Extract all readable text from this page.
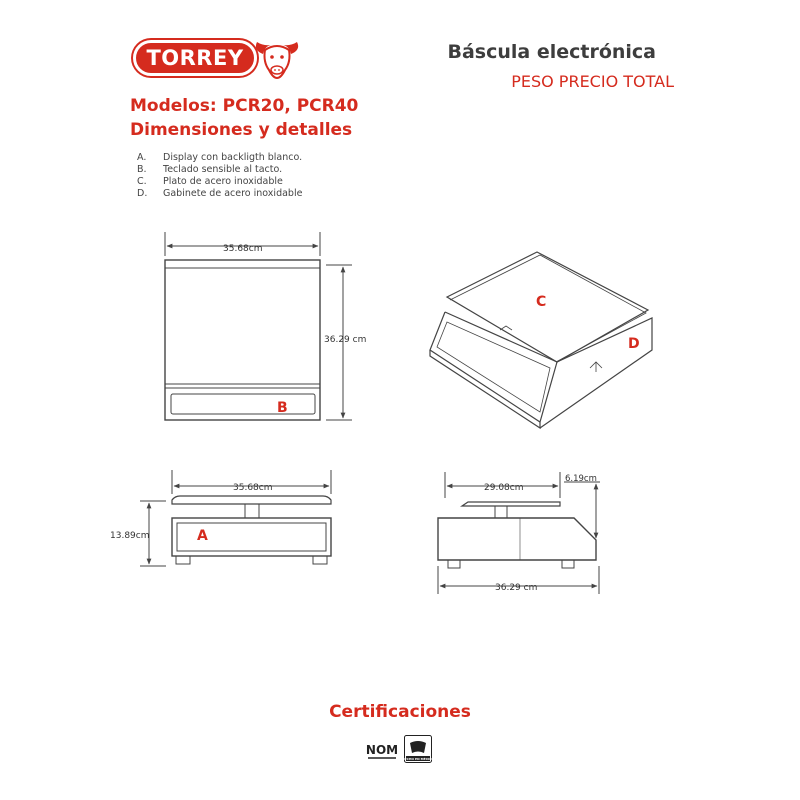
TORREY	Báscula electrónica
PESO PRECIO TOTAL
Modelos: PCR20, PCR40
Dimensiones y detalles
A. Display con backligth blanco.
B. Teclado sensible al tacto.
C. Plato de acero inoxidable
D. Gabinete de acero inoxidable
35.68cm
36.29 cm
B
C
D
35.68cm
13.89cm	A
29.08cm
6.19cm
36.29 cm
Certificaciones
NOM
HECHO EN MÉXICO
